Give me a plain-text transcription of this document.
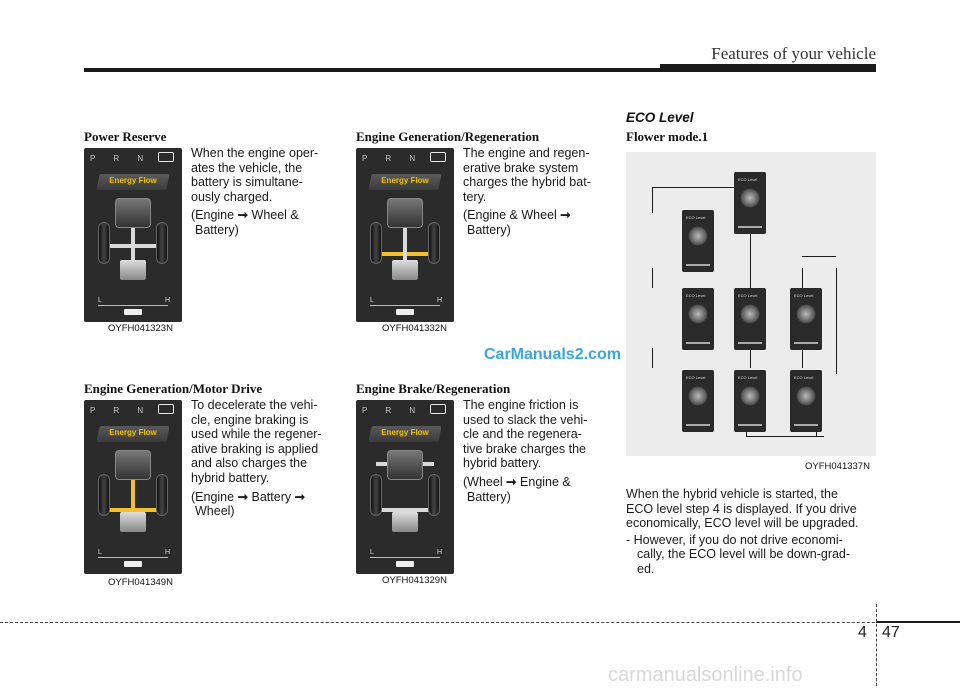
Features of your vehicle
Power Reserve
P R N
Energy Flow
L	H
When the engine oper-
ates the vehicle, the
battery is simultane-
ously charged.
(Engine ➞ Wheel &
Battery)
OYFH041323N
Engine Generation/Regeneration
P R N
Energy Flow
L	H
The engine and regen-
erative brake system
charges the hybrid bat-
tery.
(Engine & Wheel ➞
Battery)
OYFH041332N
Engine Generation/Motor Drive
P R N
Energy Flow
L	H
To decelerate the vehi-
cle, engine braking is
used while the regener-
ative braking is applied
and also charges the
hybrid battery.
(Engine ➞ Battery ➞
Wheel)
OYFH041349N
Engine Brake/Regeneration
P R N
Energy Flow
L	H
The engine friction is
used to slack the vehi-
cle and the regenera-
tive brake charges the
hybrid battery.
(Wheel ➞ Engine &
Battery)
OYFH041329N
CarManuals2.com
ECO Level
Flower mode.1
ECO Level
ECO Level
ECO Level	ECO Level	ECO Level
ECO Level	ECO Level	ECO Level
OYFH041337N
When the hybrid vehicle is started, the
ECO level step 4 is displayed. If you drive
economically, ECO level will be upgraded.
- However, if you do not drive economi-
cally, the ECO level will be down-grad-
ed.
4 47
carmanualsonline.info
